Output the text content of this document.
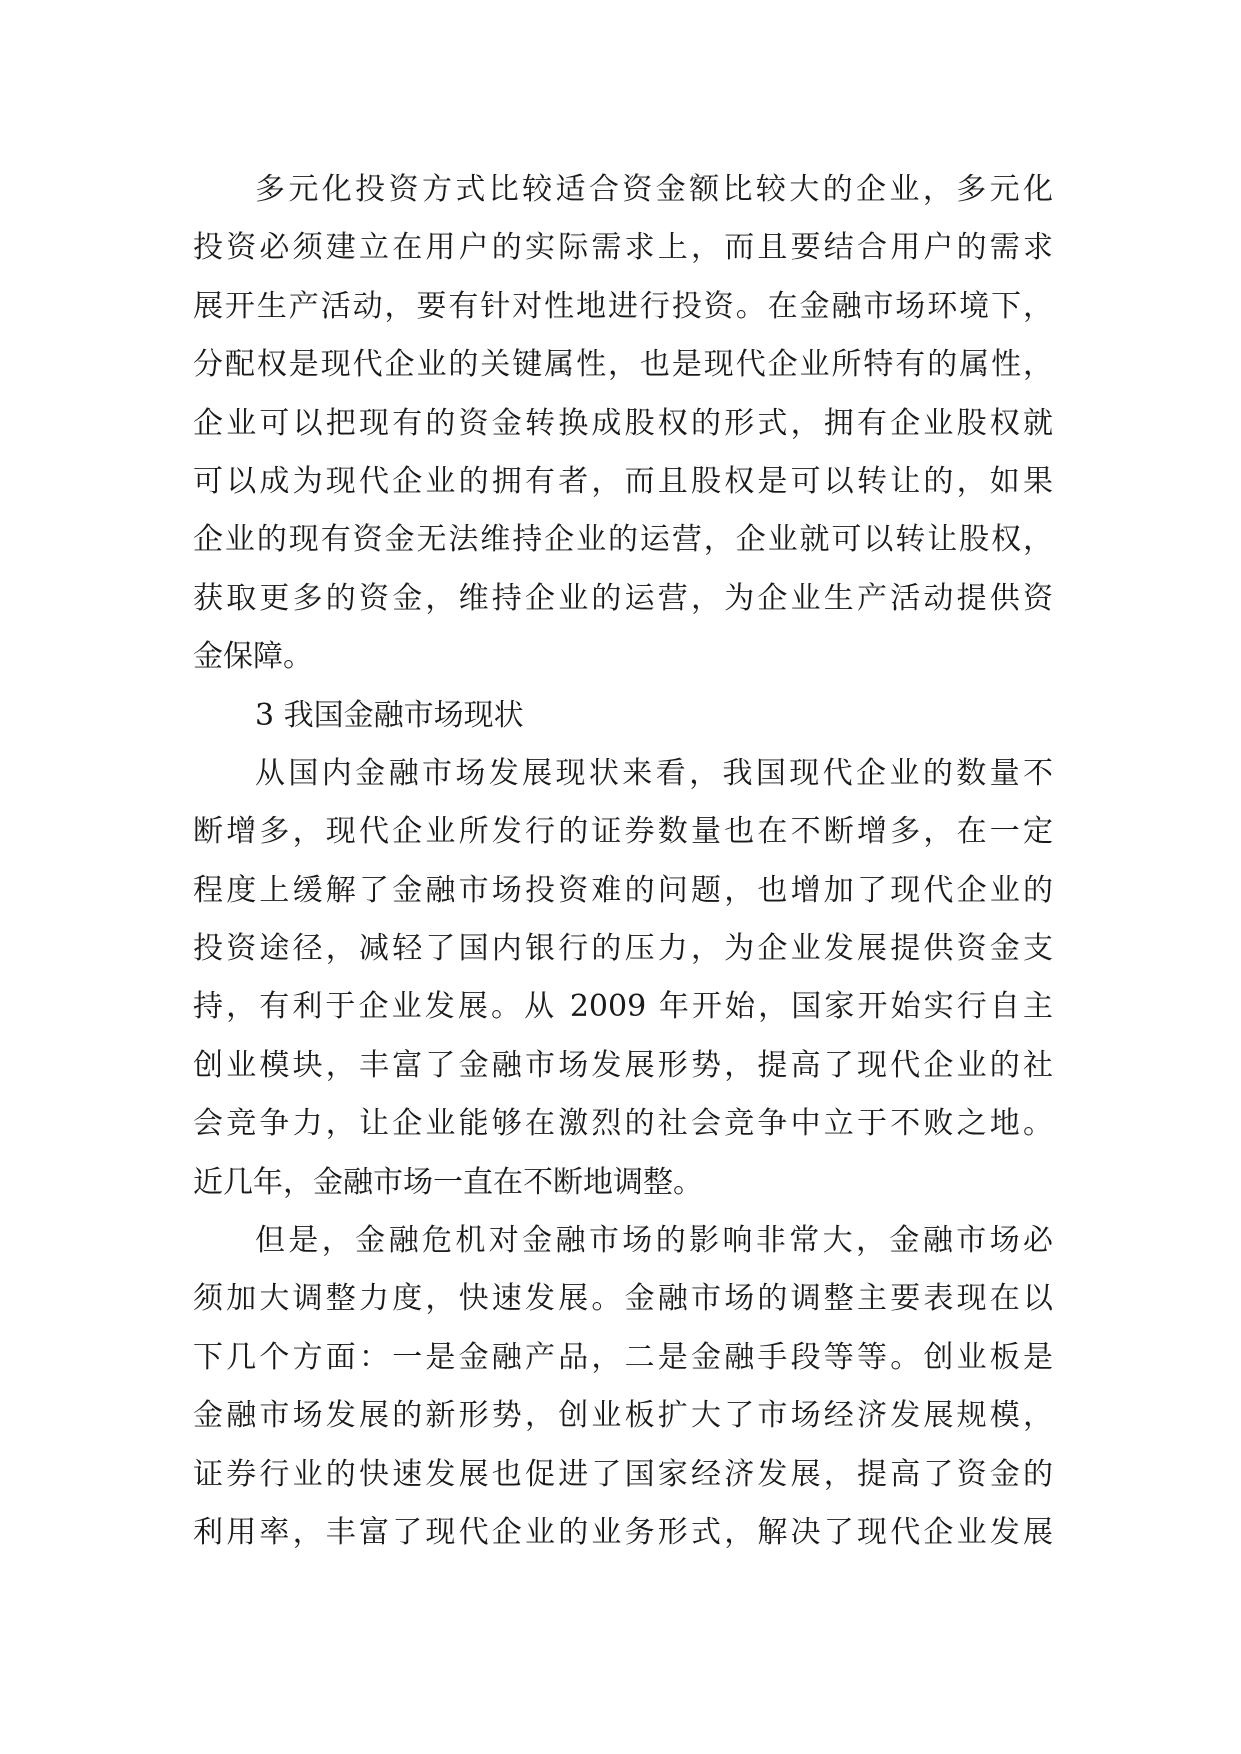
多元化投资方式比较适合资金额比较大的企业，多元化
投资必须建立在用户的实际需求上，而且要结合用户的需求
展开生产活动，要有针对性地进行投资。在金融市场环境下，
分配权是现代企业的关键属性，也是现代企业所特有的属性，
企业可以把现有的资金转换成股权的形式，拥有企业股权就
可以成为现代企业的拥有者，而且股权是可以转让的，如果
企业的现有资金无法维持企业的运营，企业就可以转让股权，
获取更多的资金，维持企业的运营，为企业生产活动提供资
金保障。
3 我国金融市场现状
从国内金融市场发展现状来看，我国现代企业的数量不
断增多，现代企业所发行的证券数量也在不断增多，在一定
程度上缓解了金融市场投资难的问题，也增加了现代企业的
投资途径，减轻了国内银行的压力，为企业发展提供资金支
持，有利于企业发展。从 2009 年开始，国家开始实行自主
创业模块，丰富了金融市场发展形势，提高了现代企业的社
会竞争力，让企业能够在激烈的社会竞争中立于不败之地。
近几年，金融市场一直在不断地调整。
但是，金融危机对金融市场的影响非常大，金融市场必
须加大调整力度，快速发展。金融市场的调整主要表现在以
下几个方面：一是金融产品，二是金融手段等等。创业板是
金融市场发展的新形势，创业板扩大了市场经济发展规模，
证券行业的快速发展也促进了国家经济发展，提高了资金的
利用率，丰富了现代企业的业务形式，解决了现代企业发展
